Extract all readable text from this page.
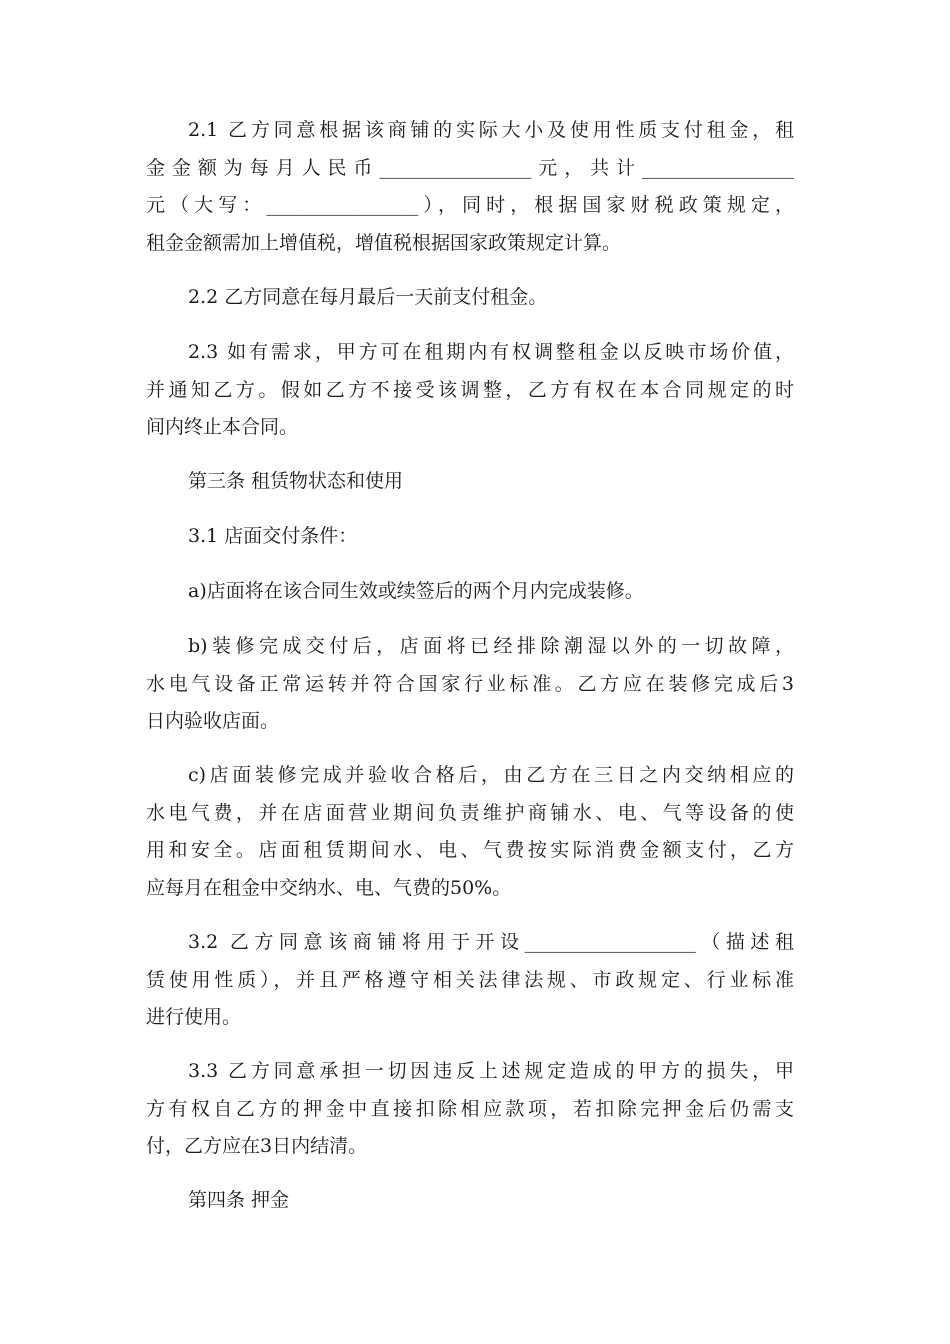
2.1 乙方同意根据该商铺的实际大小及使用性质支付租金，租
金金额为每月人民币________________元，共计________________
元（大写：________________），同时，根据国家财税政策规定，
租金金额需加上增值税，增值税根据国家政策规定计算。
2.2 乙方同意在每月最后一天前支付租金。
2.3 如有需求，甲方可在租期内有权调整租金以反映市场价值，
并通知乙方。假如乙方不接受该调整，乙方有权在本合同规定的时
间内终止本合同。
第三条 租赁物状态和使用
3.1 店面交付条件：
a)店面将在该合同生效或续签后的两个月内完成装修。
b)装修完成交付后，店面将已经排除潮湿以外的一切故障，
水电气设备正常运转并符合国家行业标准。乙方应在装修完成后3
日内验收店面。
c)店面装修完成并验收合格后，由乙方在三日之内交纳相应的
水电气费，并在店面营业期间负责维护商铺水、电、气等设备的使
用和安全。店面租赁期间水、电、气费按实际消费金额支付，乙方
应每月在租金中交纳水、电、气费的50%。
3.2 乙方同意该商铺将用于开设__________________（描述租
赁使用性质），并且严格遵守相关法律法规、市政规定、行业标准
进行使用。
3.3 乙方同意承担一切因违反上述规定造成的甲方的损失，甲
方有权自乙方的押金中直接扣除相应款项，若扣除完押金后仍需支
付，乙方应在3日内结清。
第四条 押金
